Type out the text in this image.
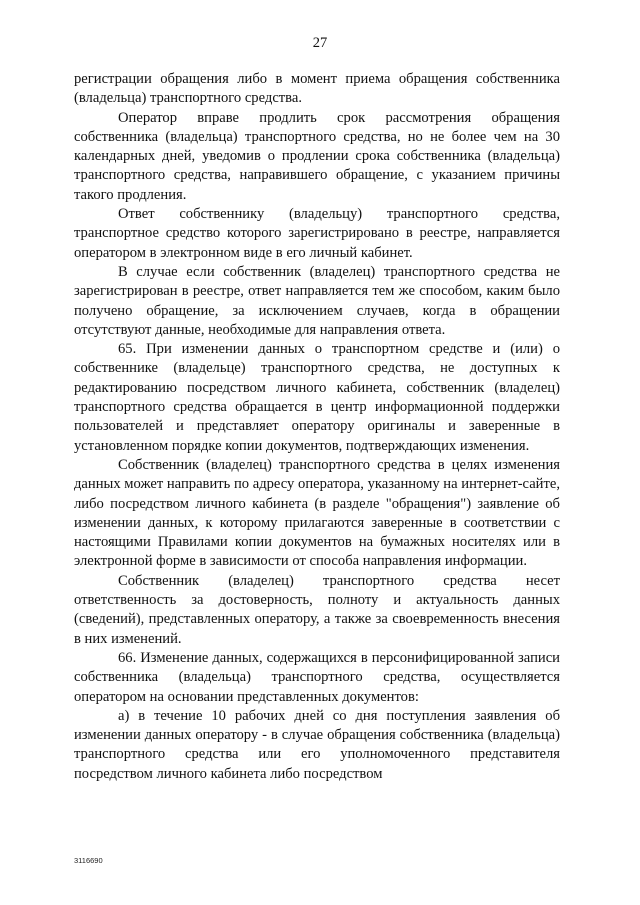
27

регистрации обращения либо в момент приема обращения собственника (владельца) транспортного средства.

Оператор вправе продлить срок рассмотрения обращения собственника (владельца) транспортного средства, но не более чем на 30 календарных дней, уведомив о продлении срока собственника (владельца) транспортного средства, направившего обращение, с указанием причины такого продления.

Ответ собственнику (владельцу) транспортного средства, транспортное средство которого зарегистрировано в реестре, направляется оператором в электронном виде в его личный кабинет.

В случае если собственник (владелец) транспортного средства не зарегистрирован в реестре, ответ направляется тем же способом, каким было получено обращение, за исключением случаев, когда в обращении отсутствуют данные, необходимые для направления ответа.

65. При изменении данных о транспортном средстве и (или) о собственнике (владельце) транспортного средства, не доступных к редактированию посредством личного кабинета, собственник (владелец) транспортного средства обращается в центр информационной поддержки пользователей и представляет оператору оригиналы и заверенные в установленном порядке копии документов, подтверждающих изменения.

Собственник (владелец) транспортного средства в целях изменения данных может направить по адресу оператора, указанному на интернет-сайте, либо посредством личного кабинета (в разделе "обращения") заявление об изменении данных, к которому прилагаются заверенные в соответствии с настоящими Правилами копии документов на бумажных носителях или в электронной форме в зависимости от способа направления информации.

Собственник (владелец) транспортного средства несет ответственность за достоверность, полноту и актуальность данных (сведений), представленных оператору, а также за своевременность внесения в них изменений.

66. Изменение данных, содержащихся в персонифицированной записи собственника (владельца) транспортного средства, осуществляется оператором на основании представленных документов:

а) в течение 10 рабочих дней со дня поступления заявления об изменении данных оператору - в случае обращения собственника (владельца) транспортного средства или его уполномоченного представителя посредством личного кабинета либо посредством

3116690
